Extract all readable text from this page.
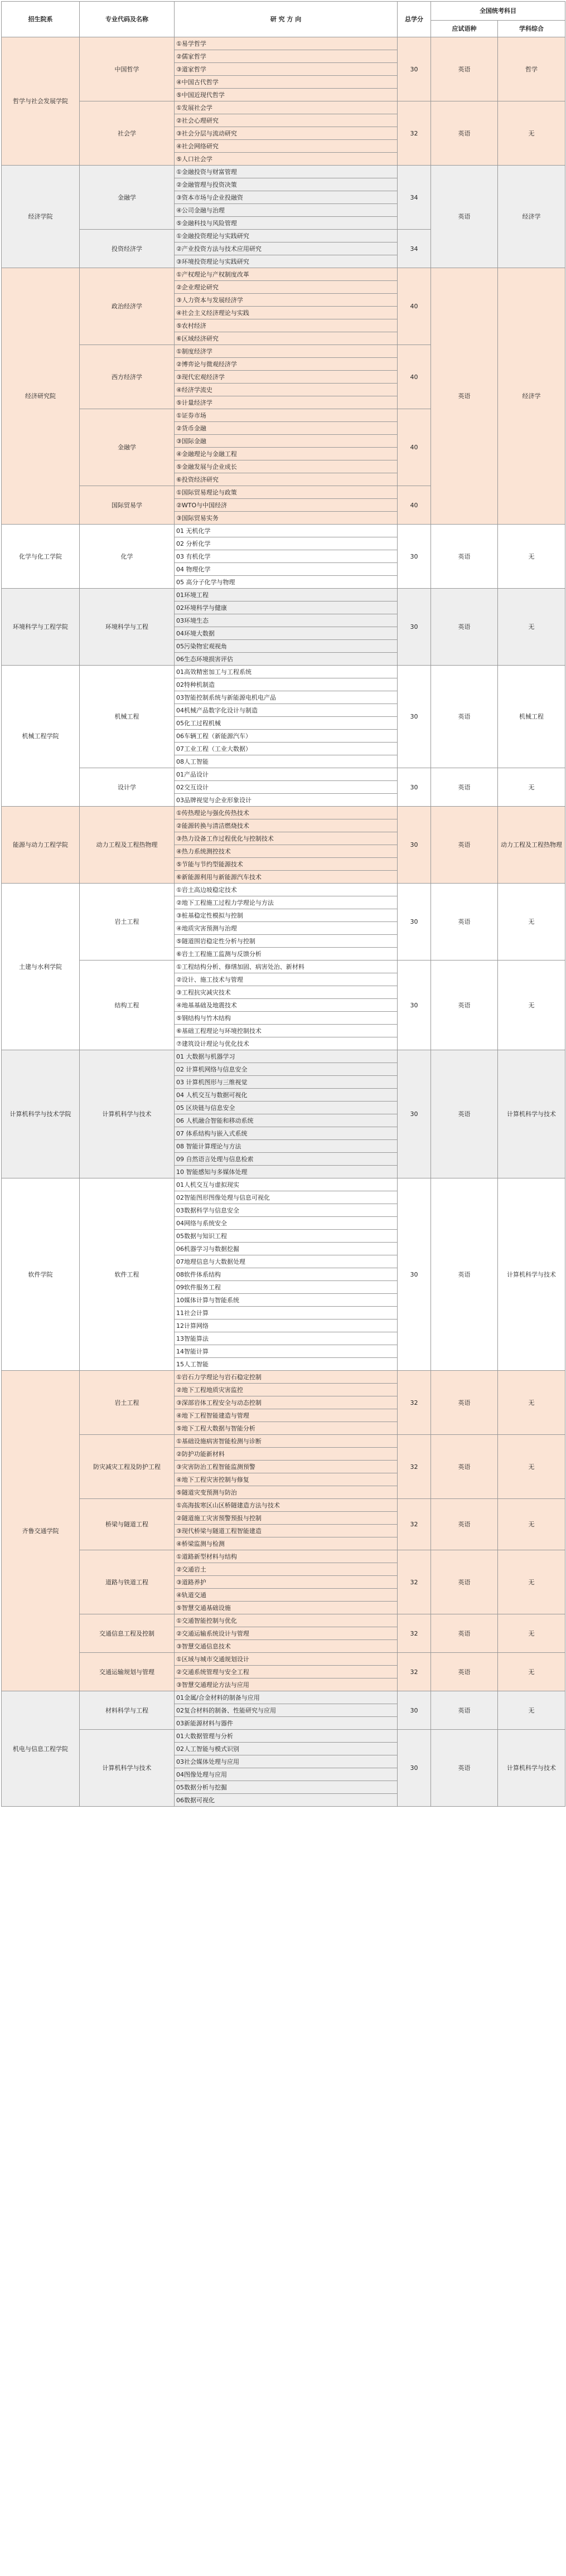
招生院系	专业代码及名称	研 究 方 向	总学分	全国统考科目	
				应试语种	学科综合
哲学与社会发展学院	中国哲学	①易学哲学	30	英语	哲学
		②儒家哲学			
		③道家哲学			
		④中国古代哲学			
		⑤中国近现代哲学			
	社会学	①发展社会学	32	英语	无
		②社会心理研究			
		③社会分层与流动研究			
		④社会网络研究			
		⑤人口社会学			
经济学院	金融学	①金融投资与财富管理	34	英语	经济学
		②金融管理与投资决策			
		③资本市场与企业投融资			
		④公司金融与治理			
		⑤金融科技与风险管理			
	投资经济学	①金融投资理论与实践研究	34		
		②产业投资方法与技术应用研究			
		③环境投资理论与实践研究			
经济研究院	政治经济学	①产权理论与产权制度改革	40	英语	经济学
		②企业理论研究			
		③人力资本与发展经济学			
		④社会主义经济理论与实践			
		⑤农村经济			
		⑥区域经济研究			
	西方经济学	①制度经济学	40		
		②博弈论与微观经济学			
		③现代宏观经济学			
		④经济学流史			
		⑤计量经济学			
	金融学	①证券市场	40		
		②货币金融			
		③国际金融			
		④金融理论与金融工程			
		⑤金融发展与企业成长			
		⑥投资经济研究			
	国际贸易学	①国际贸易理论与政策	40		
		②WTO与中国经济			
		③国际贸易实务			
化学与化工学院	化学	01 无机化学	30	英语	无
		02 分析化学			
		03 有机化学			
		04 物理化学			
		05 高分子化学与物理			
环境科学与工程学院	环境科学与工程	01环境工程	30	英语	无
		02环境科学与健康			
		03环境生态			
		04环境大数据			
		05污染物宏观视角			
		06生态环境损害评估			
机械工程学院	机械工程	01高效精密加工与工程系统	30	英语	机械工程
		02特种机制造			
		03智能控制系统与新能源电机电产品			
		04机械产品数字化设计与制造			
		05化工过程机械			
		06车辆工程（新能源汽车）			
		07工业工程（工业大数据）			
		08人工智能			
	设计学	01产品设计	30	英语	无
		02交互设计			
		03品牌视觉与企业形象设计			
能源与动力工程学院	动力工程及工程热物理	①传热理论与强化传热技术	30	英语	动力工程及工程热物理
		②能源转换与清洁燃烧技术			
		③热力设备工作过程优化与控制技术			
		④热力系统测控技术			
		⑤节能与节约型能源技术			
		⑥新能源利用与新能源汽车技术			
土建与水利学院	岩土工程	①岩土高边坡稳定技术	30	英语	无
		②地下工程施工过程力学理论与方法			
		③桩基稳定性模拟与控制			
		④地质灾害预测与治理			
		⑤隧道围岩稳定性分析与控制			
		⑥岩土工程施工监测与反馈分析			
	结构工程	①工程结构分析、修缮加固、病害处治、新材料	30	英语	无
		②设计、施工技术与管理			
		③工程抗灾减灾技术			
		④地基基础及地震技术			
		⑤钢结构与竹木结构			
		⑥基础工程理论与环境控制技术			
		⑦建筑设计理论与优化技术			
计算机科学与技术学院	计算机科学与技术	01 大数据与机器学习	30	英语	计算机科学与技术
		02 计算机网络与信息安全			
		03 计算机图形与三维视觉			
		04 人机交互与数据可视化			
		05 区块链与信息安全			
		06 人机融合智能和移动系统			
		07 体系结构与嵌入式系统			
		08 智能计算理论与方法			
		09 自然语言处理与信息检索			
		10 智能感知与多媒体处理			
软件学院	软件工程	01人机交互与虚拟现实	30	英语	计算机科学与技术
		02智能图形图像处理与信息可视化			
		03数据科学与信息安全			
		04网络与系统安全			
		05数据与知识工程			
		06机器学习与数据挖掘			
		07地理信息与大数据处理			
		08软件体系结构			
		09软件服务工程			
		10媒体计算与智能系统			
		11社会计算			
		12计算网络			
		13智能算法			
		14智能计算			
		15人工智能			
齐鲁交通学院	岩土工程	①岩石力学理论与岩石稳定控制	32	英语	无
		②地下工程地质灾害监控			
		③深部岩体工程安全与动态控制			
		④地下工程智能建造与管理			
		⑤地下工程大数据与智能分析			
	防灾减灾工程及防护工程	①基础设施病害智能检测与诊断	32	英语	无
		②防护功能新材料			
		③灾害防治工程智能监测预警			
		④地下工程灾害控制与修复			
		⑤隧道灾变预测与防治			
	桥梁与隧道工程	①高海拔寒区山区桥隧建造方法与技术	32	英语	无
		②隧道施工灾害预警预报与控制			
		③现代桥梁与隧道工程智能建造			
		④桥梁监测与检测			
	道路与铁道工程	①道路新型材料与结构	32	英语	无
		②交通岩土			
		③道路养护			
		④轨道交通			
		⑤智慧交通基础设施			
	交通信息工程及控制	①交通智能控制与优化	32	英语	无
		②交通运输系统设计与管理			
		③智慧交通信息技术			
	交通运输规划与管理	①区域与城市交通规划设计	32	英语	无
		②交通系统管理与安全工程			
		③智慧交通理论方法与应用			
机电与信息工程学院	材料科学与工程	01金属/合金材料的制备与应用	30	英语	无
		02复合材料的制备、性能研究与应用			
		03新能源材料与器件			
	计算机科学与技术	01大数据管理与分析	30	英语	计算机科学与技术
		02人工智能与模式识别			
		03社会媒体处理与应用			
		04图像处理与应用			
		05数据分析与挖掘			
		06数据可视化			
